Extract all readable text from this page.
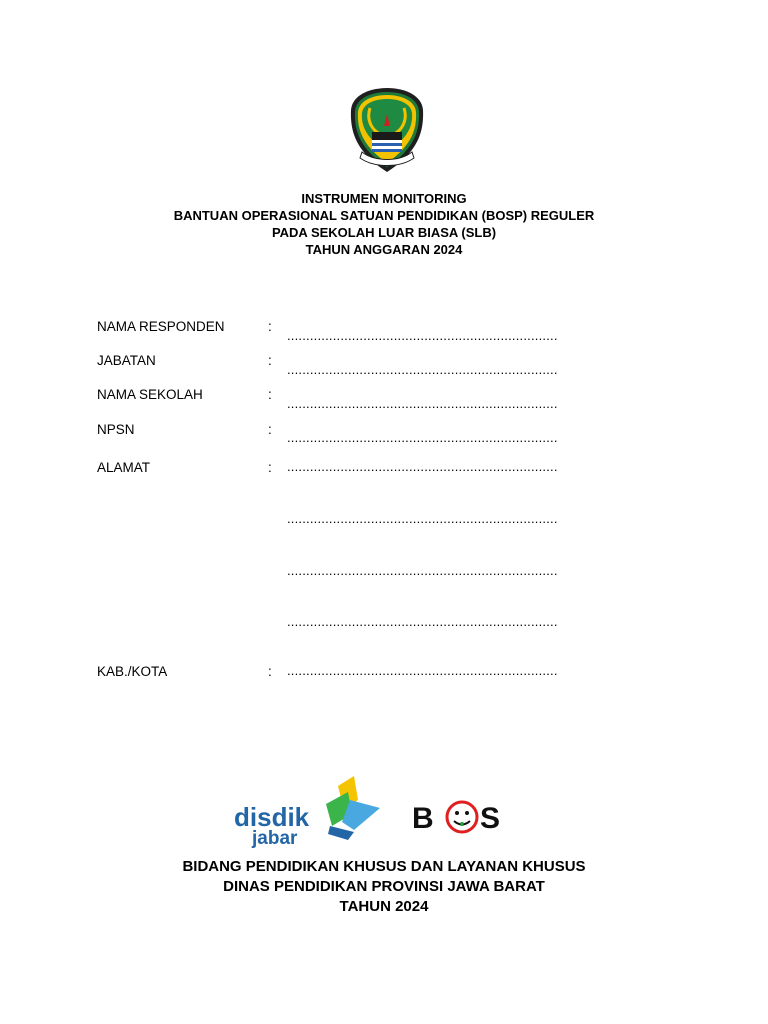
INSTRUMEN MONITORING
BANTUAN OPERASIONAL SATUAN PENDIDIKAN (BOSP) REGULER
PADA SEKOLAH LUAR BIASA (SLB)
TAHUN ANGGARAN 2024
NAMA RESPONDEN	:
.......................................................................
JABATAN	:
.......................................................................
NAMA SEKOLAH	:
.......................................................................
NPSN	:
.......................................................................
ALAMAT	: .......................................................................
.......................................................................
.......................................................................
.......................................................................
KAB./KOTA	: .......................................................................
disdik
jabar
B S
BIDANG PENDIDIKAN KHUSUS DAN LAYANAN KHUSUS
DINAS PENDIDIKAN PROVINSI JAWA BARAT
TAHUN 2024
